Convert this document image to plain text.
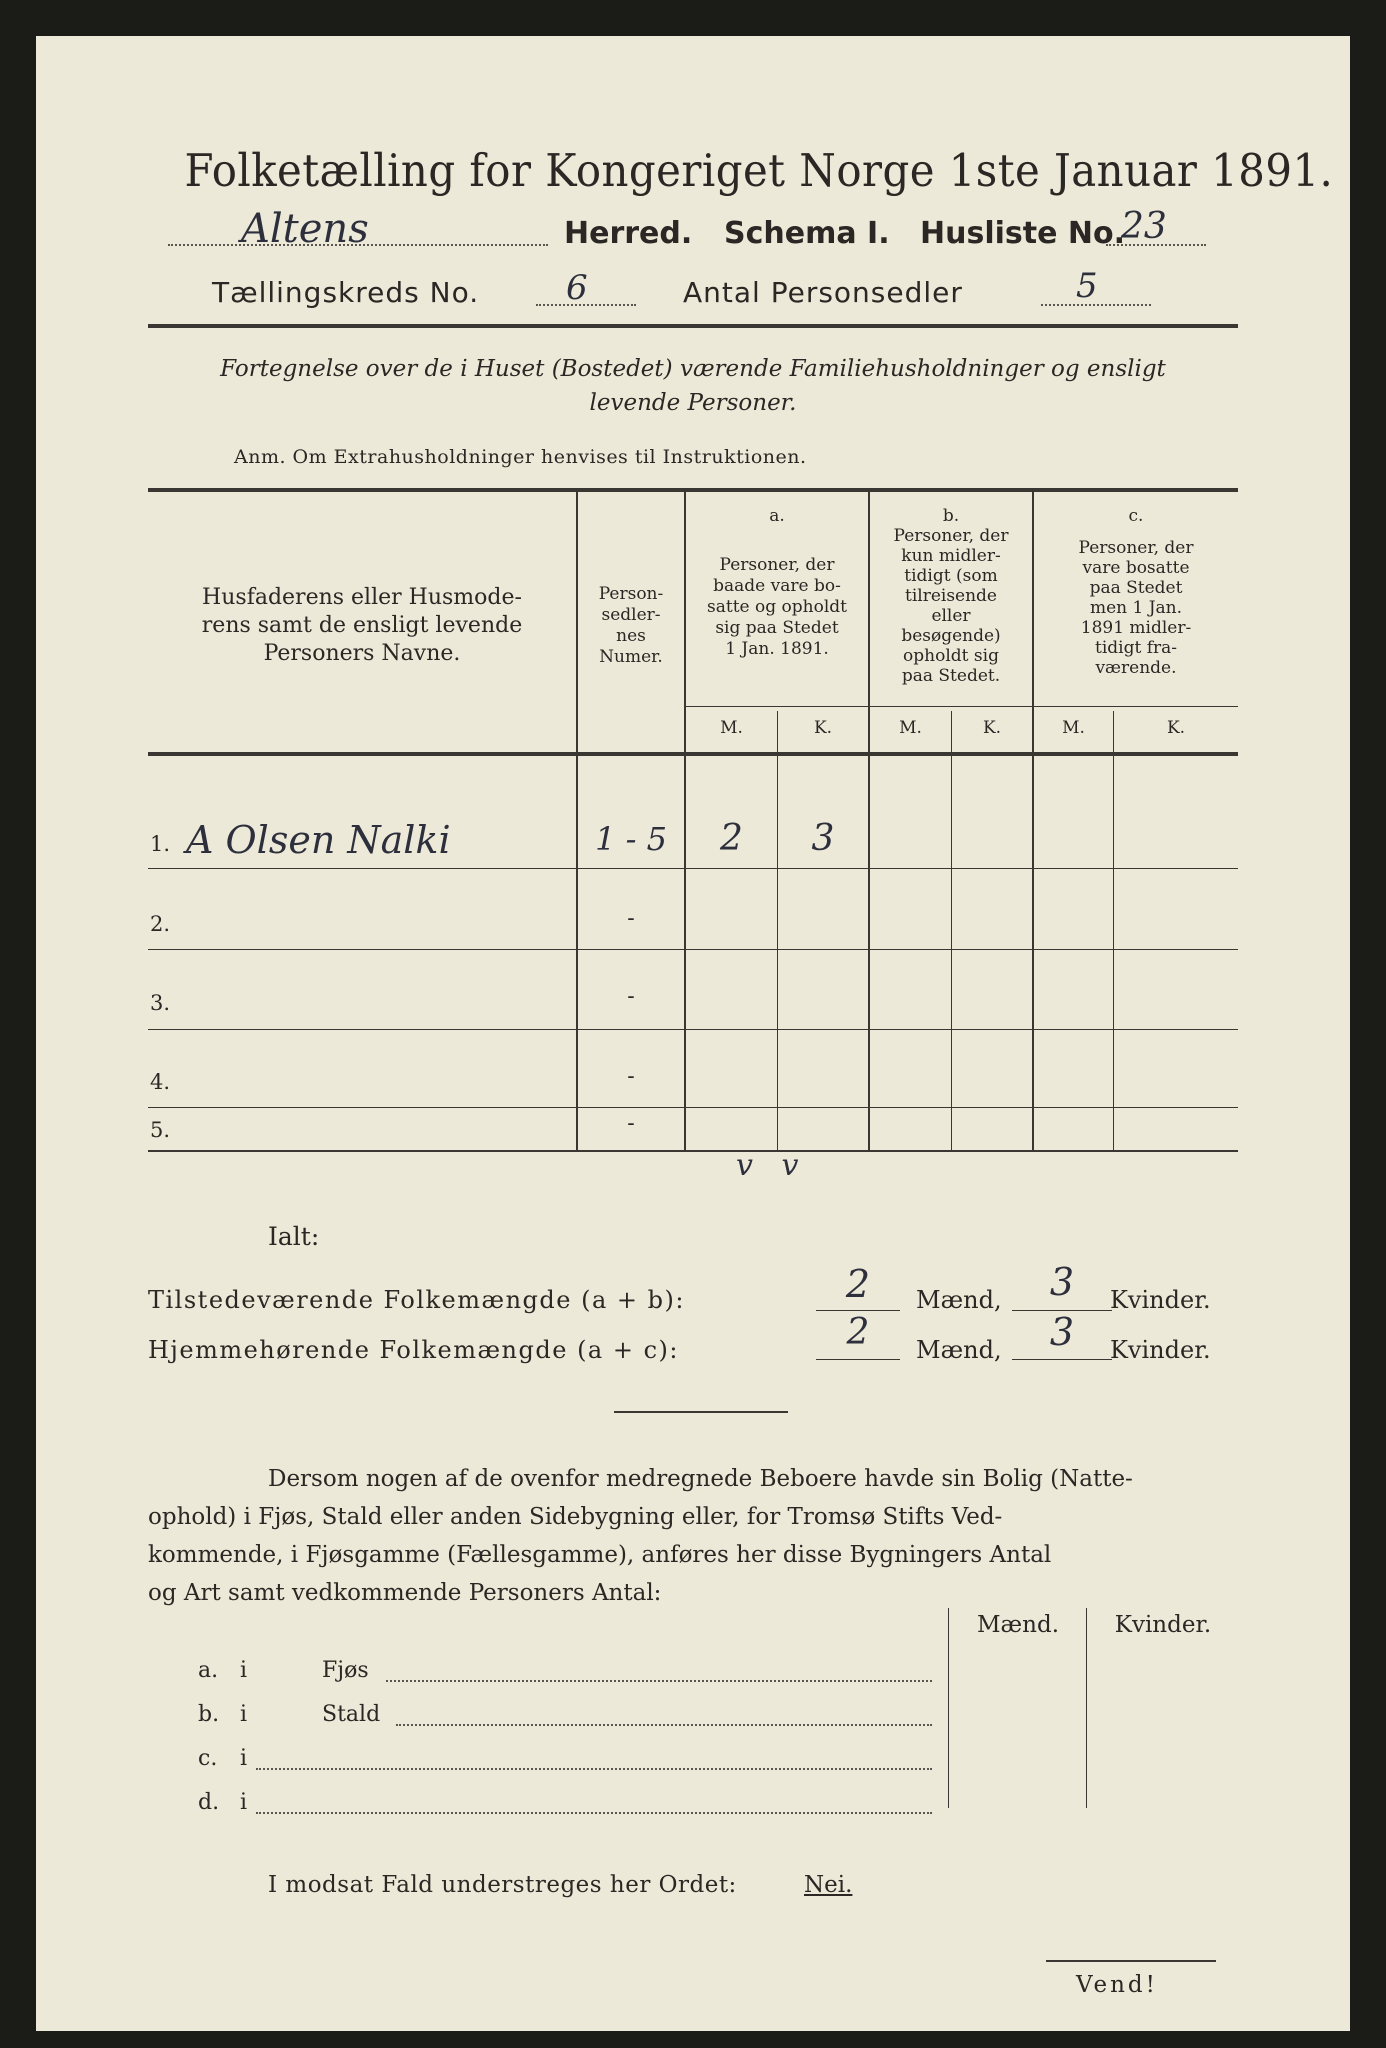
Folketælling for Kongeriget Norge 1ste Januar 1891.
Altens	Herred. Schema I. Husliste No.
23
Tællingskreds No.	6	Antal Personsedler	5
Fortegnelse over de i Huset (Bostedet) værende Familiehusholdninger og ensligt
levende Personer.
Anm. Om Extrahusholdninger henvises til Instruktionen.
Husfaderens eller Husmode-
rens samt de ensligt levende
Personers Navne.
Person-
sedler-
nes
Numer.
a.
Personer, der
baade vare bo-
satte og opholdt
sig paa Stedet
1 Jan. 1891.
b.
Personer, der
kun midler-
tidigt (som
tilreisende
eller
besøgende)
opholdt sig
paa Stedet.
c.
Personer, der
vare bosatte
paa Stedet
men 1 Jan.
1891 midler-
tidigt fra-
værende.
M.	K.	M.	K.	M.	K.
1. A Olsen Nalki	1 - 5	2	3
2.	-
3.	-
4.	-
5.	-
v   v
Ialt:
Tilstedeværende Folkemængde (a + b):	2	Mænd,	3	Kvinder.
Hjemmehørende Folkemængde (a + c):	2	Mænd,	3	Kvinder.
Dersom nogen af de ovenfor medregnede Beboere havde sin Bolig (Natte-
ophold) i Fjøs, Stald eller anden Sidebygning eller, for Tromsø Stifts Ved-
kommende, i Fjøsgamme (Fællesgamme), anføres her disse Bygningers Antal
og Art samt vedkommende Personers Antal:
Mænd.	Kvinder.
a. i	Fjøs
b. i	Stald
c. i
d. i
I modsat Fald understreges her Ordet:	Nei.
Vend!
